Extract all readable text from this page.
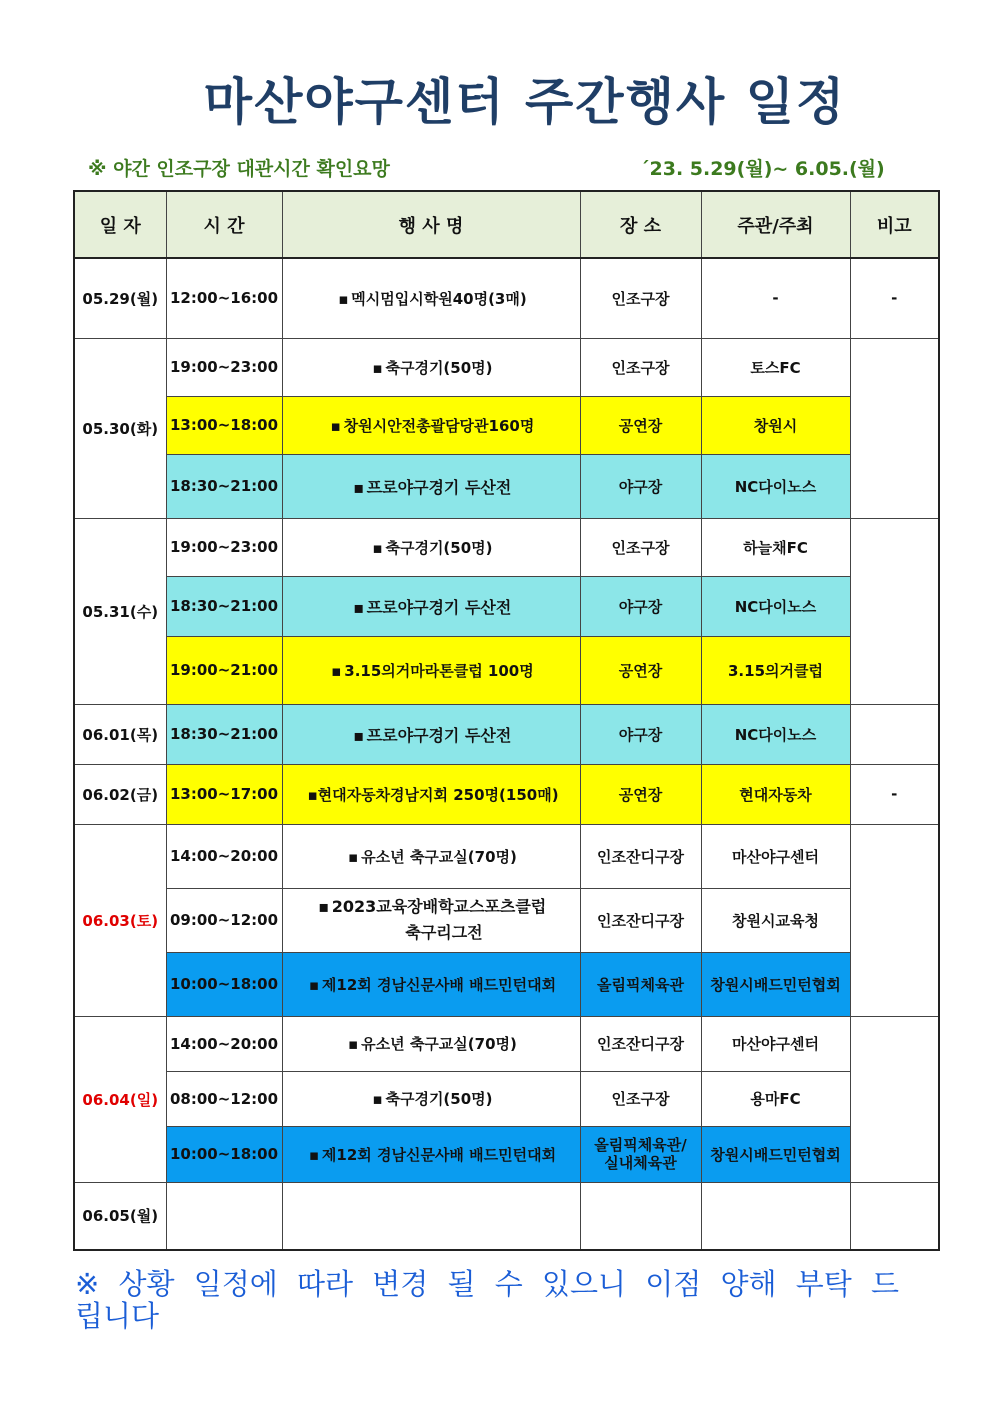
마산야구센터 주간행사 일정
※ 야간 인조구장 대관시간 확인요망	´23. 5.29(월)~ 6.05.(월)
일 자	시 간	행 사 명	장 소	주관/주최	비고
05.29(월)	12:00~16:00	▪ 멕시멈입시학원40명(3매)	인조구장	-	-
05.30(화)	19:00~23:00	▪ 축구경기(50명)	인조구장	토스FC	
	13:00~18:00	▪ 창원시안전총괄담당관160명	공연장	창원시	
	18:30~21:00	▪ 프로야구경기 두산전	야구장	NC다이노스	
05.31(수)	19:00~23:00	▪ 축구경기(50명)	인조구장	하늘채FC	
	18:30~21:00	▪ 프로야구경기 두산전	야구장	NC다이노스	
	19:00~21:00	▪ 3.15의거마라톤클럽 100명	공연장	3.15의거클럽	
06.01(목)	18:30~21:00	▪ 프로야구경기 두산전	야구장	NC다이노스	
06.02(금)	13:00~17:00	▪현대자동차경남지회 250명(150매)	공연장	현대자동차	-
06.03(토)	14:00~20:00	▪ 유소년 축구교실(70명)	인조잔디구장	마산야구센터	
	09:00~12:00	▪ 2023교육장배학교스포츠클럽
축구리그전	인조잔디구장	창원시교육청	
	10:00~18:00	▪ 제12회 경남신문사배 배드민턴대회	올림픽체육관	창원시배드민턴협회	
06.04(일)	14:00~20:00	▪ 유소년 축구교실(70명)	인조잔디구장	마산야구센터	
	08:00~12:00	▪ 축구경기(50명)	인조구장	용마FC	
	10:00~18:00	▪ 제12회 경남신문사배 배드민턴대회	올림픽체육관/
실내체육관	창원시배드민턴협회	
06.05(월)					
※ 상황 일정에 따라 변경 될 수 있으니 이점 양해 부탁 드립니다
